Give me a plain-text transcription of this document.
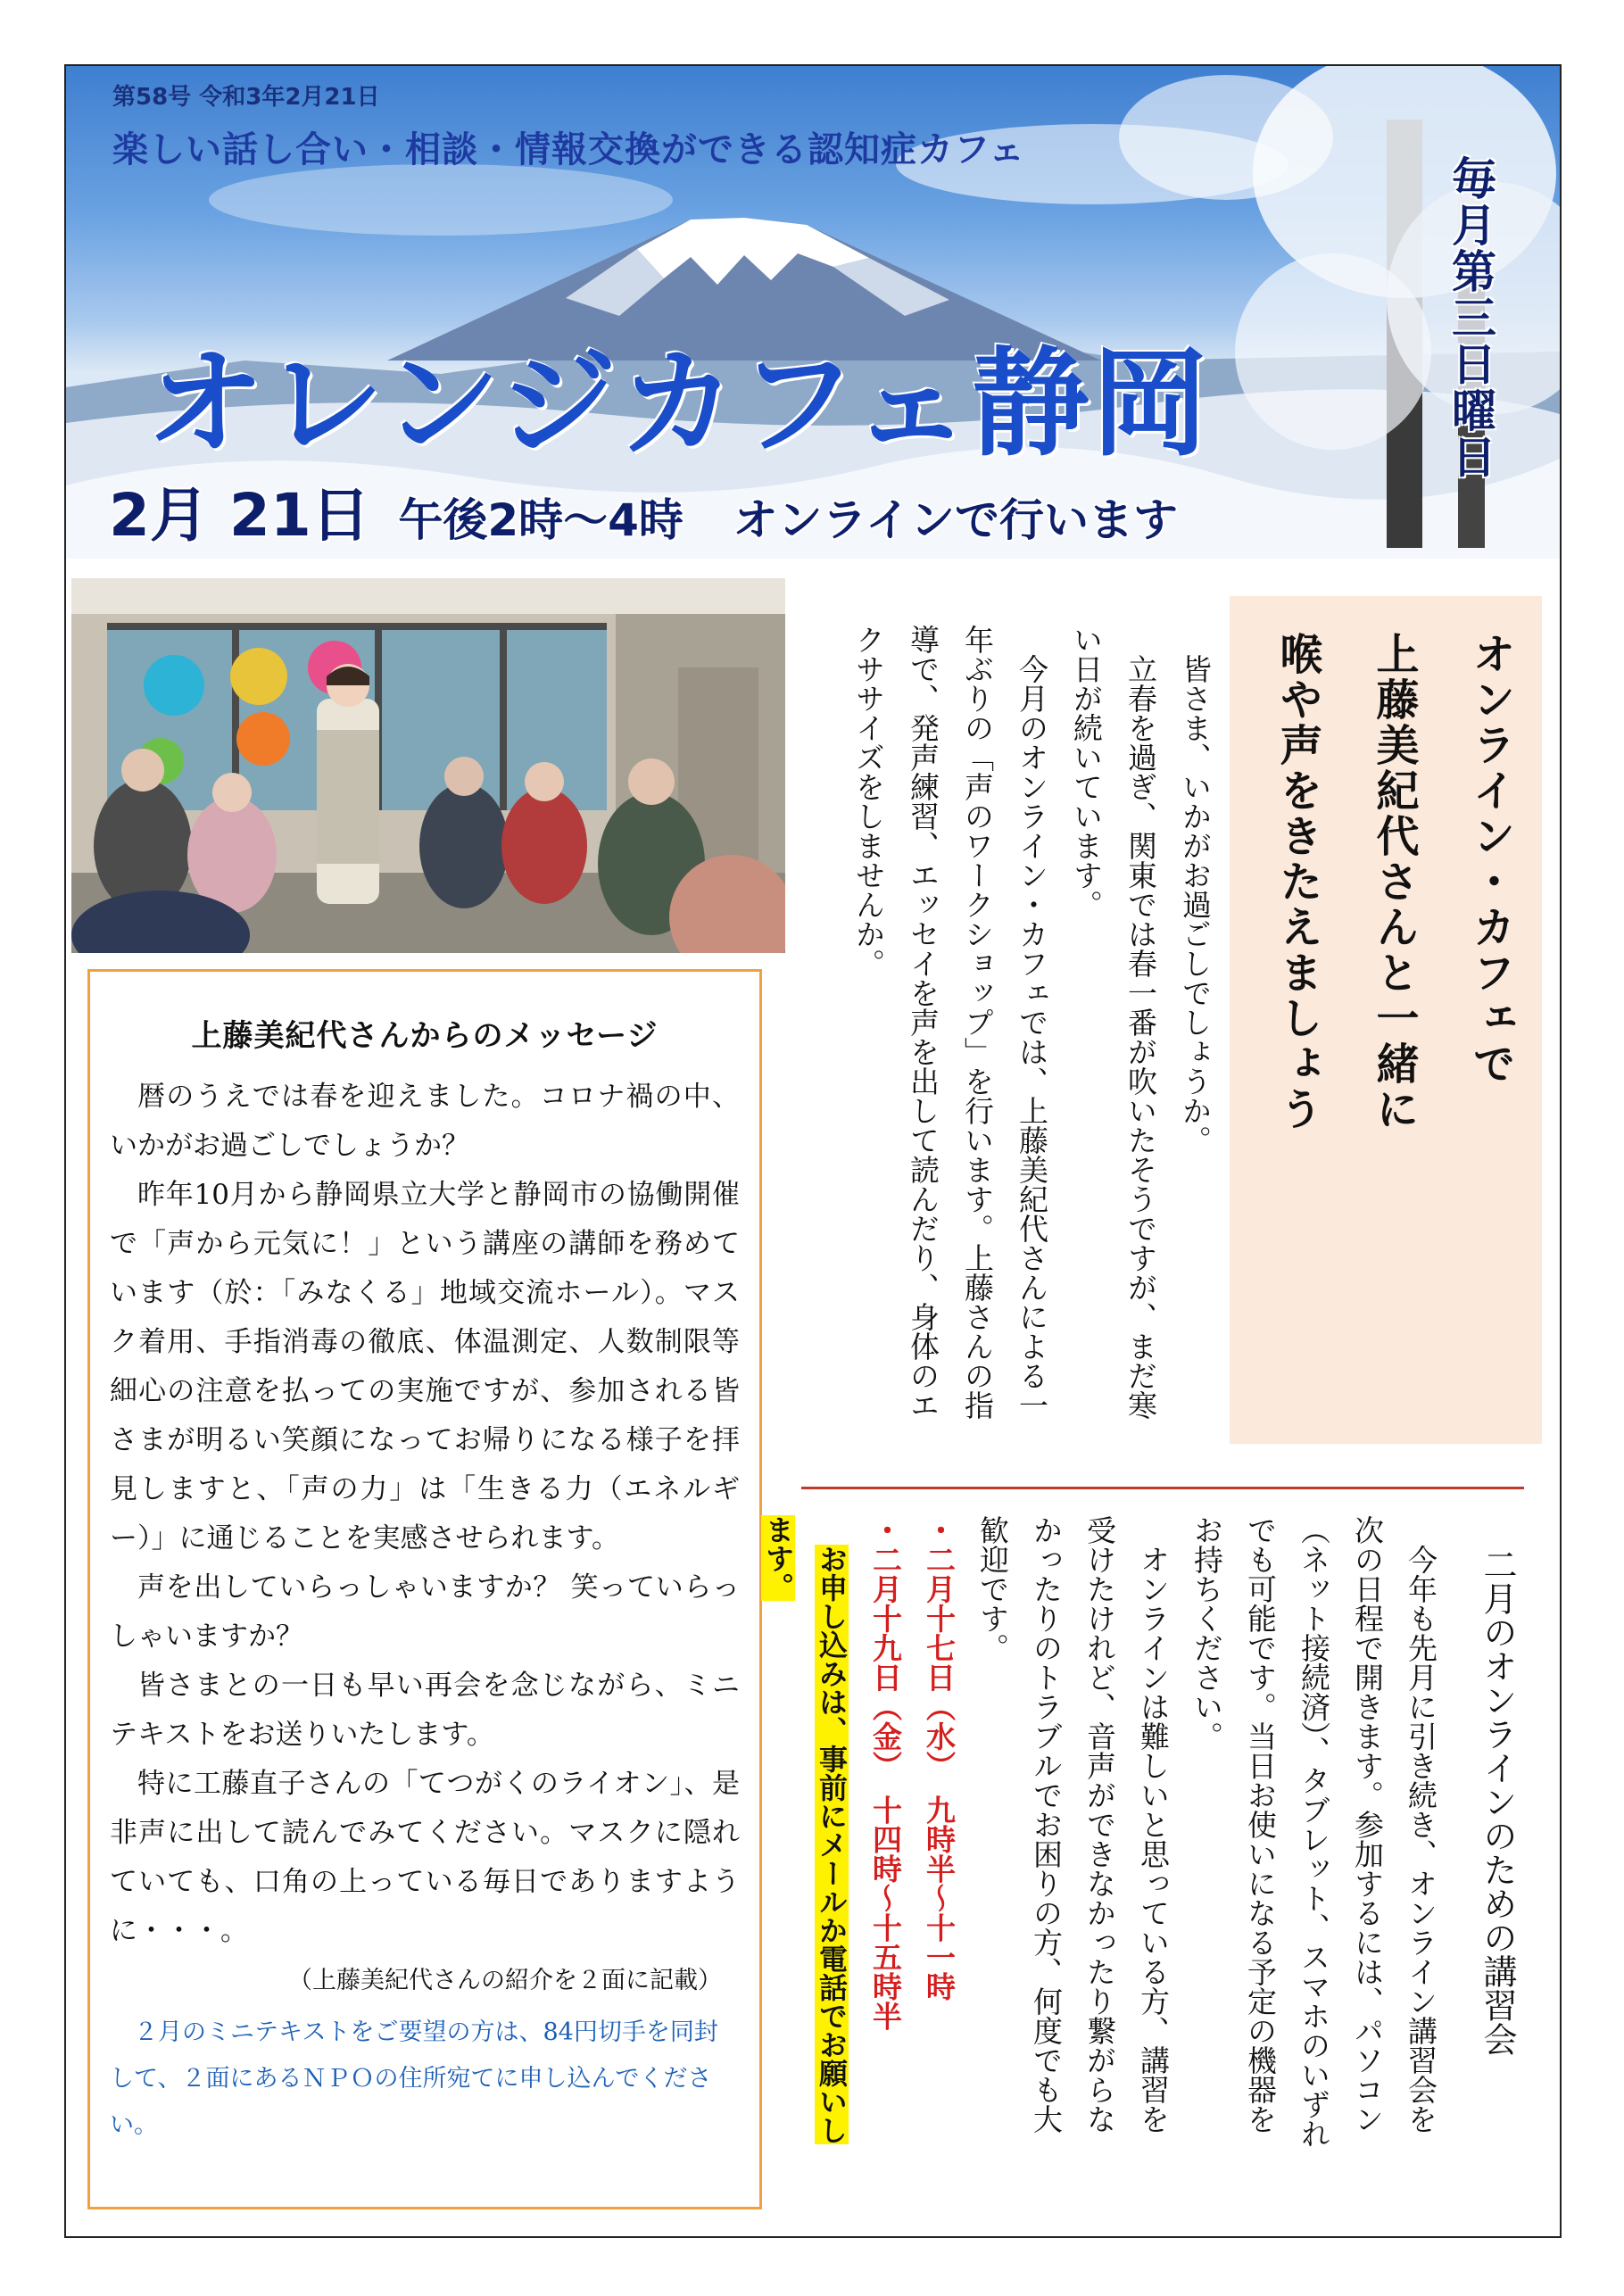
第58号 令和3年2月21日
楽しい話し合い・相談・情報交換ができる認知症カフェ
オレンジカフェ静岡
2月 21日 午後2時～4時 オンラインで行います
毎月第三日曜日
上藤美紀代さんからのメッセージ

暦のうえでは春を迎えました。コロナ禍の中、いかがお過ごしでしょうか？

昨年10月から静岡県立大学と静岡市の協働開催で「声から元気に！」という講座の講師を務めています（於：「みなくる」地域交流ホール）。マスク着用、手指消毒の徹底、体温測定、人数制限等細心の注意を払っての実施ですが、参加される皆さまが明るい笑顔になってお帰りになる様子を拝見しますと、「声の力」は「生きる力（エネルギー）」に通じることを実感させられます。

声を出していらっしゃいますか？ 笑っていらっしゃいますか？

皆さまとの一日も早い再会を念じながら、ミニテキストをお送りいたします。

特に工藤直子さんの「てつがくのライオン」、是非声に出して読んでみてください。マスクに隠れていても、口角の上っている毎日でありますように・・・。

（上藤美紀代さんの紹介を２面に記載）
２月のミニテキストをご要望の方は、84円切手を同封して、２面にあるＮＰＯの住所宛てに申し込んでください。

皆さま、いかがお過ごしでしょうか。

立春を過ぎ、関東では春一番が吹いたそうですが、まだ寒い日が続いています。

今月のオンライン・カフェでは、上藤美紀代さんによる一年ぶりの「声のワークショップ」を行います。上藤さんの指導で、発声練習、エッセイを声を出して読んだり、身体のエクササイズをしませんか。	オンライン・カフェで
上藤美紀代さんと一緒に
喉や声をきたえましょう

二月のオンラインのための講習会

今年も先月に引き続き、オンライン講習会を次の日程で開きます。参加するには、パソコン（ネット接続済）、タブレット、スマホのいずれでも可能です。当日お使いになる予定の機器をお持ちください。

オンラインは難しいと思っている方、講習を受けたけれど、音声ができなかったり繋がらなかったりのトラブルでお困りの方、何度でも大歓迎です。

・二月十七日（水）　九時半～十一時

・二月十九日（金）　十四時～十五時半

お申し込みは、事前にメールか電話でお願いします。
